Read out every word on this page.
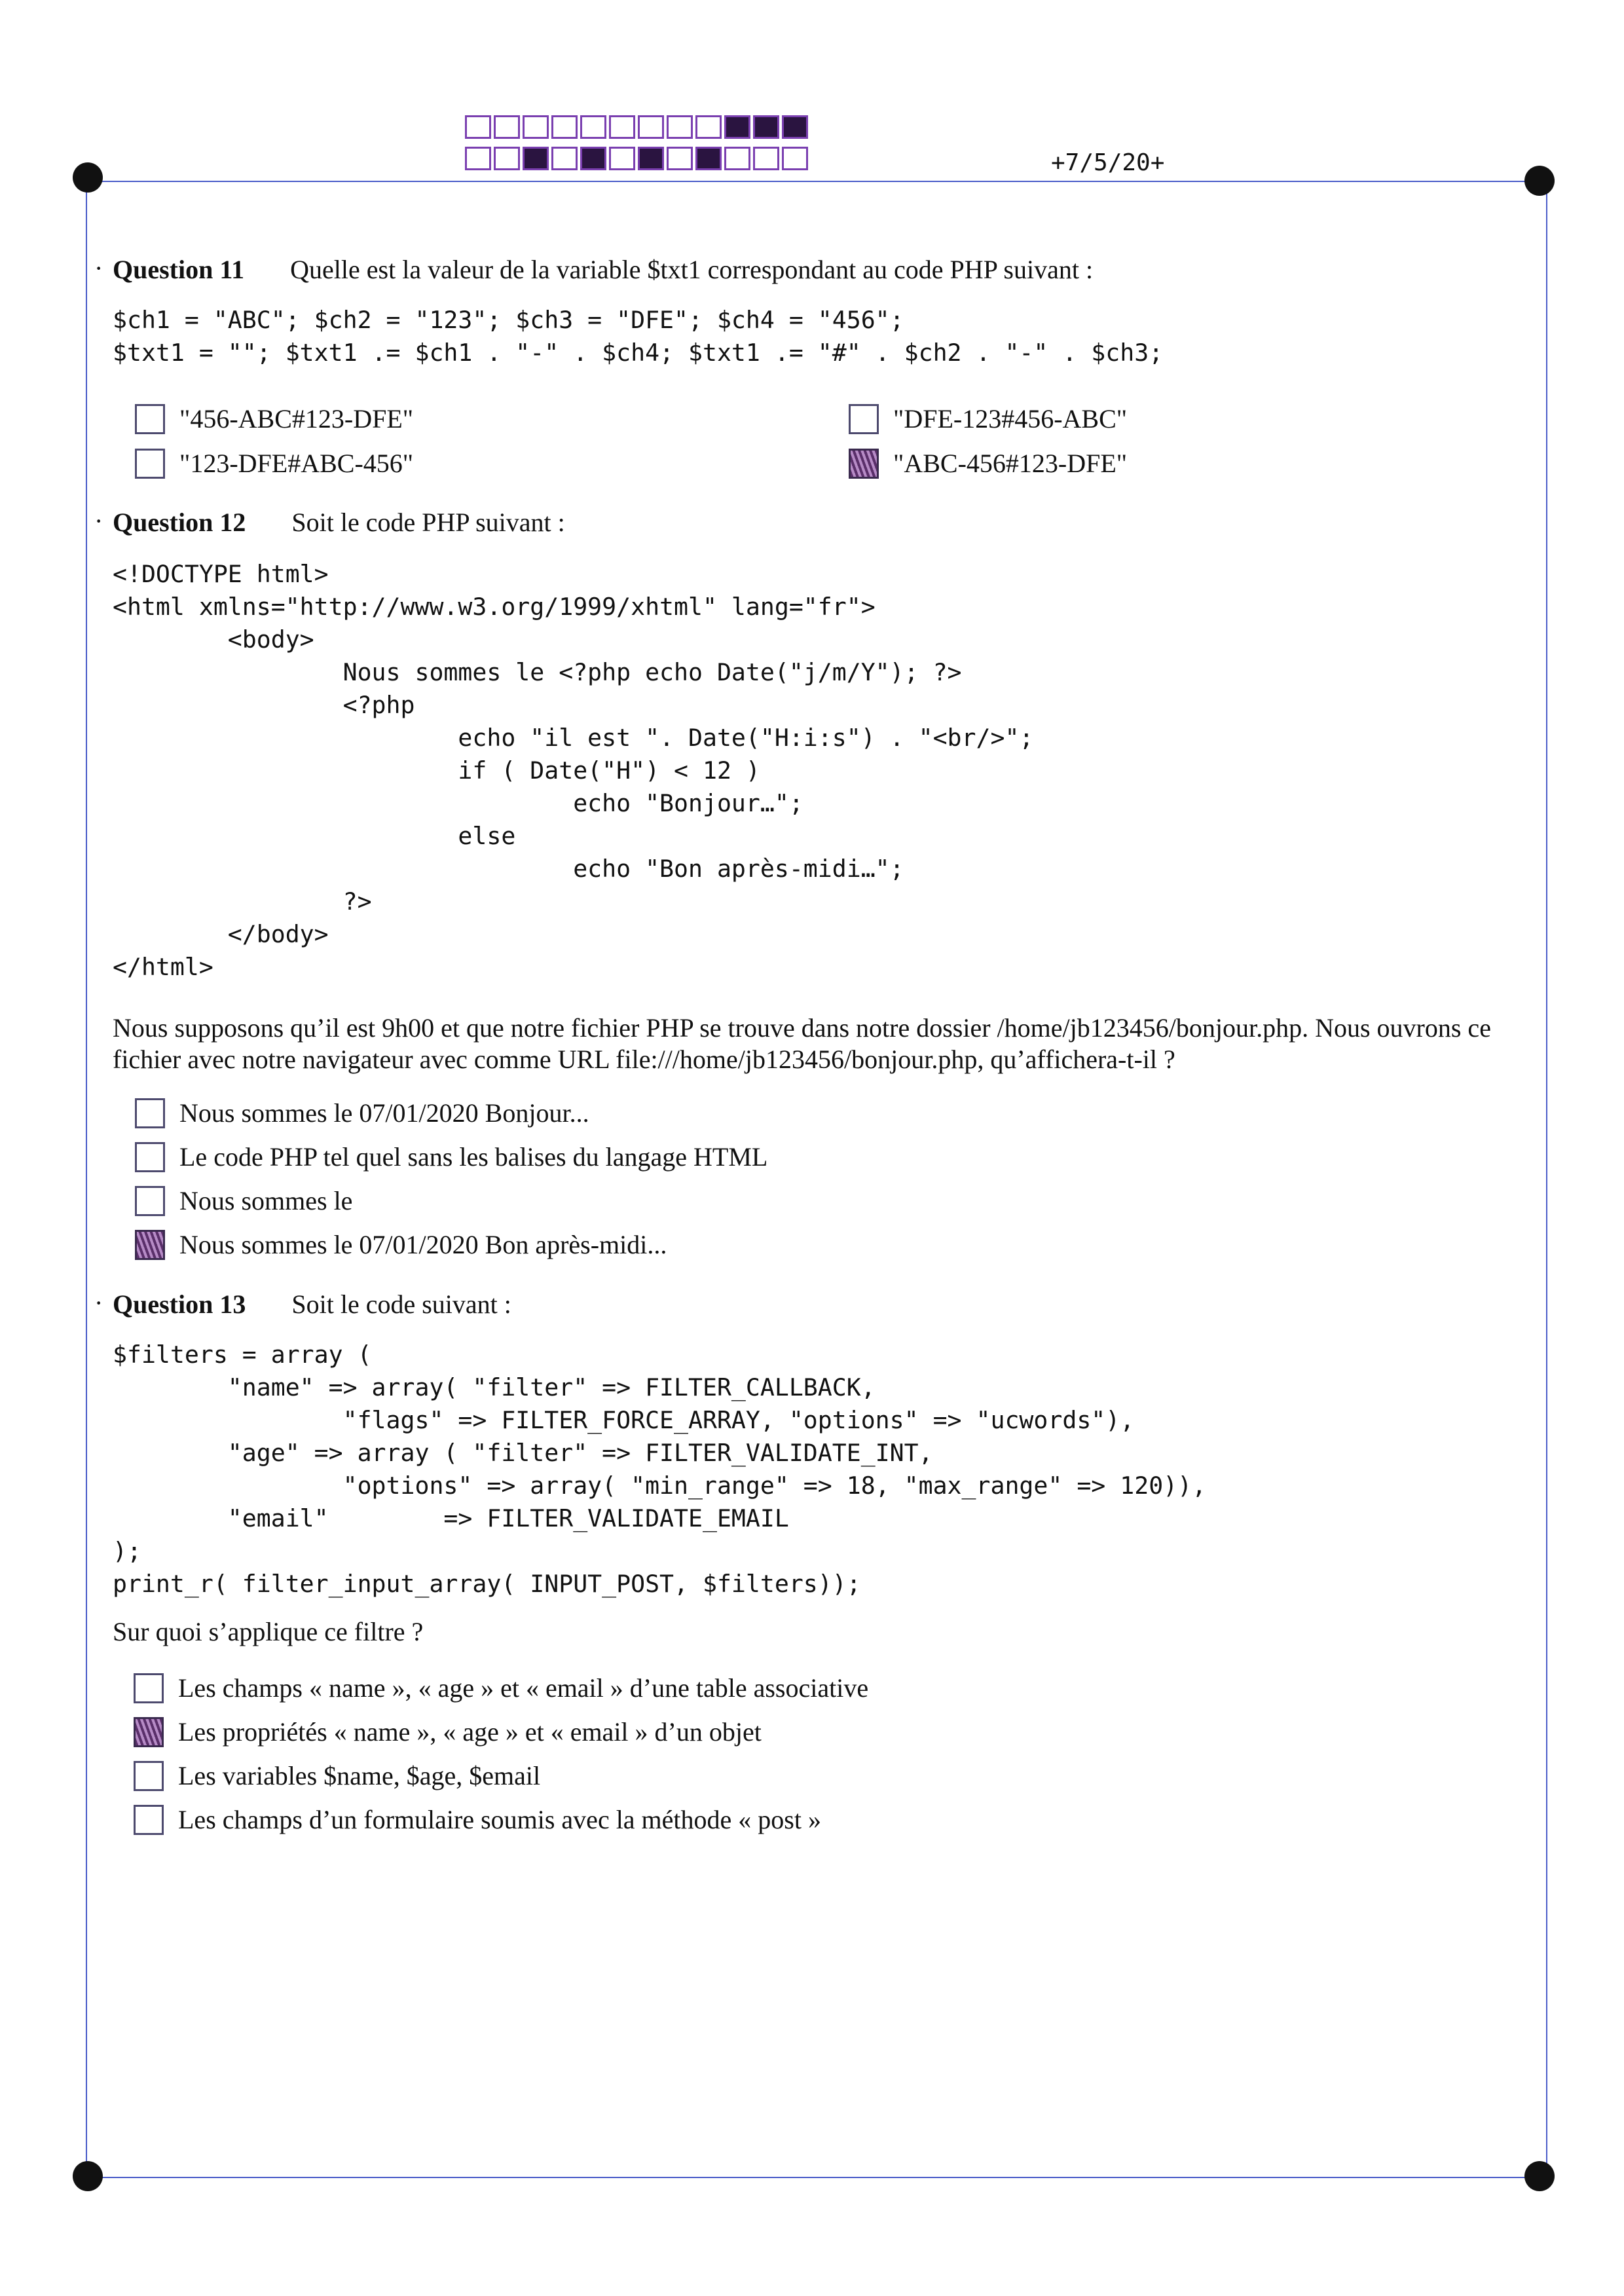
+7/5/20+
· Question 11 Quelle est la valeur de la variable $txt1 correspondant au code PHP suivant :
$ch1 = "ABC"; $ch2 = "123"; $ch3 = "DFE"; $ch4 = "456";
$txt1 = ""; $txt1 .= $ch1 . "-" . $ch4; $txt1 .= "#" . $ch2 . "-" . $ch3;
"456-ABC#123-DFE"	"DFE-123#456-ABC"
"123-DFE#ABC-456"	"ABC-456#123-DFE"
· Question 12 Soit le code PHP suivant :
<!DOCTYPE html>
<html xmlns="http://www.w3.org/1999/xhtml" lang="fr">
<body>
Nous sommes le <?php echo Date("j/m/Y"); ?>
<?php
echo "il est ". Date("H:i:s") . "<br/>";
if ( Date("H") < 12 )
echo "Bonjour…";
else
echo "Bon après-midi…";
?>
</body>
</html>
Nous supposons qu’il est 9h00 et que notre fichier PHP se trouve dans notre dossier /home/jb123456/bonjour.php. Nous ouvrons ce fichier avec notre navigateur avec comme URL file:///home/jb123456/bonjour.php, qu’affichera-t-il ?
Nous sommes le 07/01/2020 Bonjour...
Le code PHP tel quel sans les balises du langage HTML
Nous sommes le
Nous sommes le 07/01/2020 Bon après-midi...
· Question 13 Soit le code suivant :
$filters = array (
"name" => array( "filter" => FILTER_CALLBACK,
"flags" => FILTER_FORCE_ARRAY, "options" => "ucwords"),
"age" => array ( "filter" => FILTER_VALIDATE_INT,
"options" => array( "min_range" => 18, "max_range" => 120)),
"email"        => FILTER_VALIDATE_EMAIL
);
print_r( filter_input_array( INPUT_POST, $filters));
Sur quoi s’applique ce filtre ?
Les champs « name », « age » et « email » d’une table associative
Les propriétés « name », « age » et « email » d’un objet
Les variables $name, $age, $email
Les champs d’un formulaire soumis avec la méthode « post »
